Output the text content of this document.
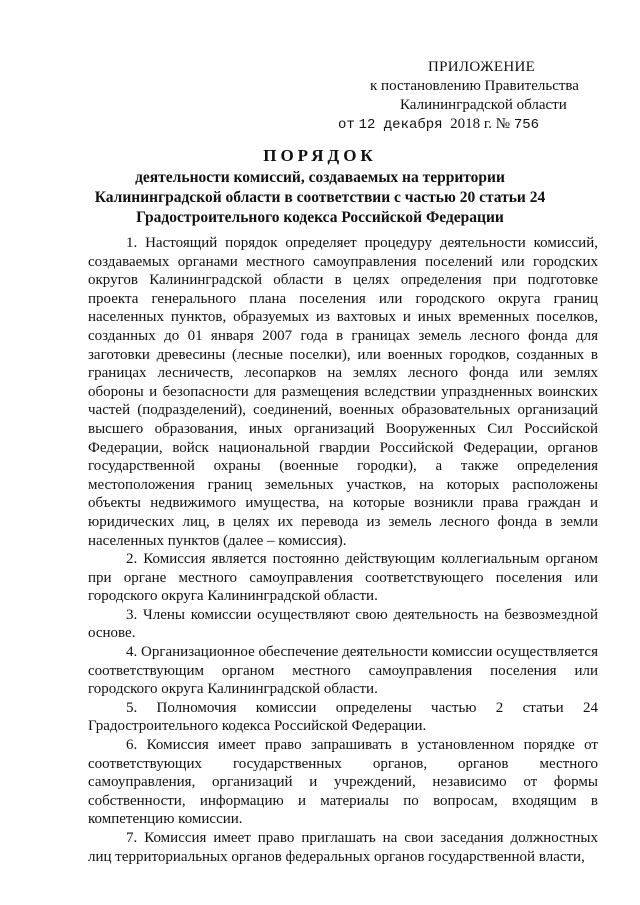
ПРИЛОЖЕНИЕ
к постановлению Правительства
Калининградской области
от 12 декабря 2018 г. № 756
ПОРЯДОК
деятельности комиссий, создаваемых на территории Калининградской области в соответствии с частью 20 статьи 24 Градостроительного кодекса Российской Федерации

1. Настоящий порядок определяет процедуру деятельности комиссий, создаваемых органами местного самоуправления поселений или городских округов Калининградской области в целях определения при подготовке проекта генерального плана поселения или городского округа границ населенных пунктов, образуемых из вахтовых и иных временных поселков, созданных до 01 января 2007 года в границах земель лесного фонда для заготовки древесины (лесные поселки), или военных городков, созданных в границах лесничеств, лесопарков на землях лесного фонда или землях обороны и безопасности для размещения вследствии упраздненных воинских частей (подразделений), соединений, военных образовательных организаций высшего образования, иных организаций Вооруженных Сил Российской Федерации, войск национальной гвардии Российской Федерации, органов государственной охраны (военные городки), а также определения местоположения границ земельных участков, на которых расположены объекты недвижимого имущества, на которые возникли права граждан и юридических лиц, в целях их перевода из земель лесного фонда в земли населенных пунктов (далее – комиссия).

2. Комиссия является постоянно действующим коллегиальным органом при органе местного самоуправления соответствующего поселения или городского округа Калининградской области.

3. Члены комиссии осуществляют свою деятельность на безвозмездной основе.

4. Организационное обеспечение деятельности комиссии осуществляется соответствующим органом местного самоуправления поселения или городского округа Калининградской области.

5. Полномочия комиссии определены частью 2 статьи 24 Градостроительного кодекса Российской Федерации.

6. Комиссия имеет право запрашивать в установленном порядке от соответствующих государственных органов, органов местного самоуправления, организаций и учреждений, независимо от формы собственности, информацию и материалы по вопросам, входящим в компетенцию комиссии.

7. Комиссия имеет право приглашать на свои заседания должностных лиц территориальных органов федеральных органов государственной власти,
